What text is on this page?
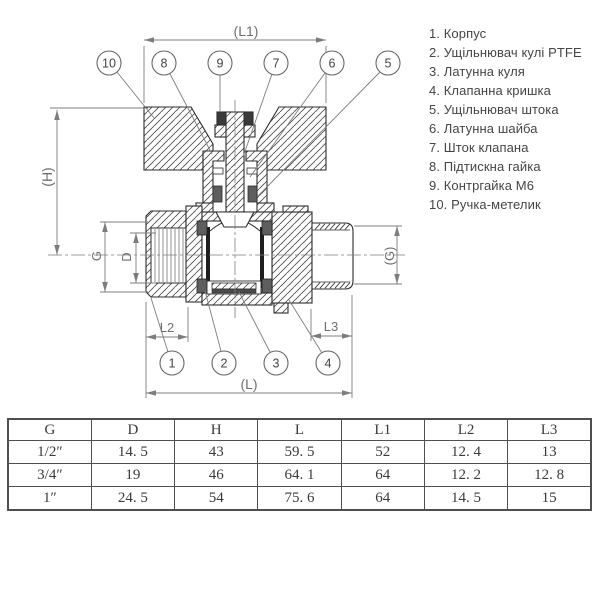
(L1)
(H)
G D	(G)
L2	L3
(L)
10	8	9	7	6	5
1	2	3	4
1. Корпус
2. Ущільнювач кулі PTFE
3. Латунна куля
4. Клапанна кришка
5. Ущільнювач штока
6. Латунна шайба
7. Шток клапана
8. Підтискна гайка
9. Контргайка М6
10. Ручка-метелик
G	D	H	L	L1	L2	L3
1/2″	14. 5	43	59. 5	52	12. 4	13
3/4″	19	46	64. 1	64	12. 2	12. 8
1″	24. 5	54	75. 6	64	14. 5	15
